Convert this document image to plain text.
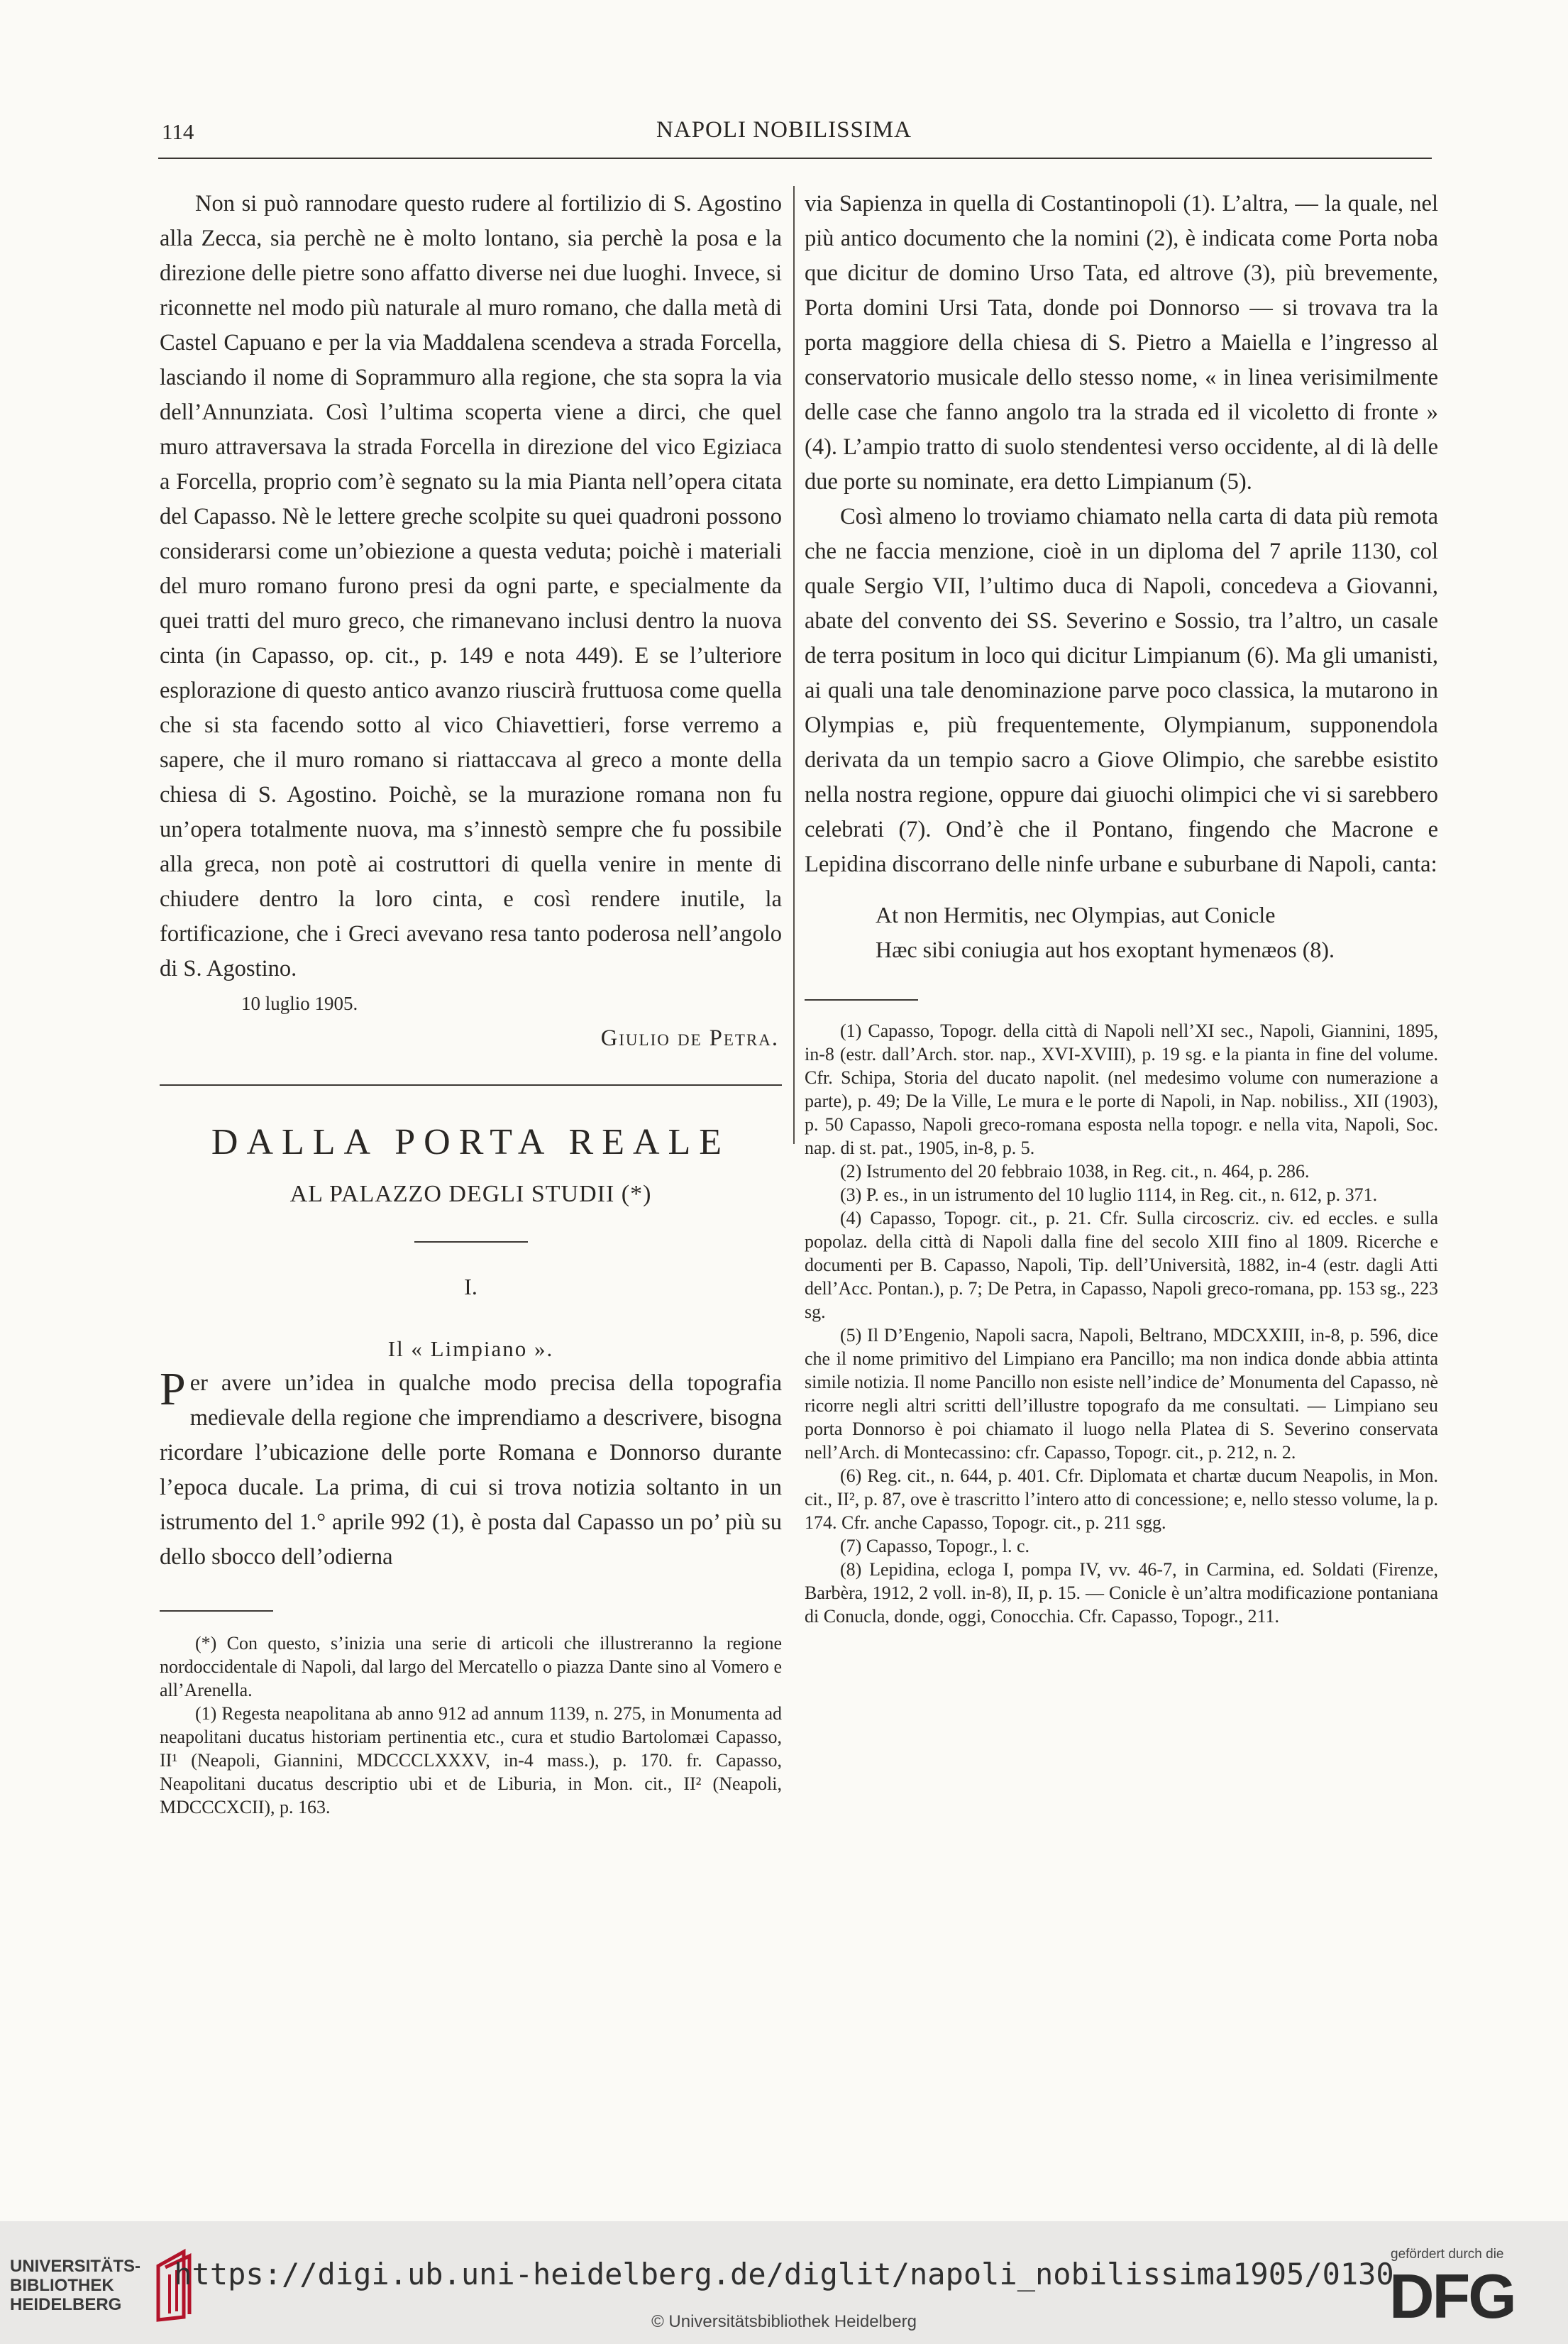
114	NAPOLI NOBILISSIMA

Non si può rannodare questo rudere al fortilizio di S. Agostino alla Zecca, sia perchè ne è molto lontano, sia perchè la posa e la direzione delle pietre sono affatto diverse nei due luoghi. Invece, si riconnette nel modo più naturale al muro romano, che dalla metà di Castel Capuano e per la via Maddalena scendeva a strada Forcella, lasciando il nome di Soprammuro alla regione, che sta sopra la via dell’Annunziata. Così l’ultima scoperta viene a dirci, che quel muro attraversava la strada Forcella in direzione del vico Egiziaca a Forcella, proprio com’è segnato su la mia Pianta nell’opera citata del Capasso. Nè le lettere greche scolpite su quei quadroni possono considerarsi come un’obiezione a questa veduta; poichè i materiali del muro romano furono presi da ogni parte, e specialmente da quei tratti del muro greco, che rimanevano inclusi dentro la nuova cinta (in Capasso, op. cit., p. 149 e nota 449). E se l’ulteriore esplorazione di questo antico avanzo riuscirà fruttuosa come quella che si sta facendo sotto al vico Chiavettieri, forse verremo a sapere, che il muro romano si riattaccava al greco a monte della chiesa di S. Agostino. Poichè, se la murazione romana non fu un’opera totalmente nuova, ma s’innestò sempre che fu possibile alla greca, non potè ai costruttori di quella venire in mente di chiudere dentro la loro cinta, e così rendere inutile, la fortificazione, che i Greci avevano resa tanto poderosa nell’angolo di S. Agostino.

10 luglio 1905.

Giulio de Petra.

DALLA PORTA REALE
AL PALAZZO DEGLI STUDII (*)
I.
Il « Limpiano ».

Per avere un’idea in qualche modo precisa della topografia medievale della regione che imprendiamo a descrivere, bisogna ricordare l’ubicazione delle porte Romana e Donnorso durante l’epoca ducale. La prima, di cui si trova notizia soltanto in un istrumento del 1.° aprile 992 (1), è posta dal Capasso un po’ più su dello sbocco dell’odierna

(*) Con questo, s’inizia una serie di articoli che illustreranno la regione nordoccidentale di Napoli, dal largo del Mercatello o piazza Dante sino al Vomero e all’Arenella.

(1) Regesta neapolitana ab anno 912 ad annum 1139, n. 275, in Monumenta ad neapolitani ducatus historiam pertinentia etc., cura et studio Bartolomæi Capasso, II¹ (Neapoli, Giannini, MDCCCLXXXV, in-4 mass.), p. 170. fr. Capasso, Neapolitani ducatus descriptio ubi et de Liburia, in Mon. cit., II² (Neapoli, MDCCCXCII), p. 163.

via Sapienza in quella di Costantinopoli (1). L’altra, — la quale, nel più antico documento che la nomini (2), è indicata come Porta noba que dicitur de domino Urso Tata, ed altrove (3), più brevemente, Porta domini Ursi Tata, donde poi Donnorso — si trovava tra la porta maggiore della chiesa di S. Pietro a Maiella e l’ingresso al conservatorio musicale dello stesso nome, « in linea verisimilmente delle case che fanno angolo tra la strada ed il vicoletto di fronte » (4). L’ampio tratto di suolo stendentesi verso occidente, al di là delle due porte su nominate, era detto Limpianum (5).

Così almeno lo troviamo chiamato nella carta di data più remota che ne faccia menzione, cioè in un diploma del 7 aprile 1130, col quale Sergio VII, l’ultimo duca di Napoli, concedeva a Giovanni, abate del convento dei SS. Severino e Sossio, tra l’altro, un casale de terra positum in loco qui dicitur Limpianum (6). Ma gli umanisti, ai quali una tale denominazione parve poco classica, la mutarono in Olympias e, più frequentemente, Olympianum, supponendola derivata da un tempio sacro a Giove Olimpio, che sarebbe esistito nella nostra regione, oppure dai giuochi olimpici che vi si sarebbero celebrati (7). Ond’è che il Pontano, fingendo che Macrone e Lepidina discorrano delle ninfe urbane e suburbane di Napoli, canta:

At non Hermitis, nec Olympias, aut Conicle

Hæc sibi coniugia aut hos exoptant hymenæos (8).

(1) Capasso, Topogr. della città di Napoli nell’XI sec., Napoli, Giannini, 1895, in-8 (estr. dall’Arch. stor. nap., XVI-XVIII), p. 19 sg. e la pianta in fine del volume. Cfr. Schipa, Storia del ducato napolit. (nel medesimo volume con numerazione a parte), p. 49; De la Ville, Le mura e le porte di Napoli, in Nap. nobiliss., XII (1903), p. 50 Capasso, Napoli greco-romana esposta nella topogr. e nella vita, Napoli, Soc. nap. di st. pat., 1905, in-8, p. 5.

(2) Istrumento del 20 febbraio 1038, in Reg. cit., n. 464, p. 286.

(3) P. es., in un istrumento del 10 luglio 1114, in Reg. cit., n. 612, p. 371.

(4) Capasso, Topogr. cit., p. 21. Cfr. Sulla circoscriz. civ. ed eccles. e sulla popolaz. della città di Napoli dalla fine del secolo XIII fino al 1809. Ricerche e documenti per B. Capasso, Napoli, Tip. dell’Università, 1882, in-4 (estr. dagli Atti dell’Acc. Pontan.), p. 7; De Petra, in Capasso, Napoli greco-romana, pp. 153 sg., 223 sg.

(5) Il D’Engenio, Napoli sacra, Napoli, Beltrano, MDCXXIII, in-8, p. 596, dice che il nome primitivo del Limpiano era Pancillo; ma non indica donde abbia attinta simile notizia. Il nome Pancillo non esiste nell’indice de’ Monumenta del Capasso, nè ricorre negli altri scritti dell’illustre topografo da me consultati. — Limpiano seu porta Donnorso è poi chiamato il luogo nella Platea di S. Severino conservata nell’Arch. di Montecassino: cfr. Capasso, Topogr. cit., p. 212, n. 2.

(6) Reg. cit., n. 644, p. 401. Cfr. Diplomata et chartæ ducum Neapolis, in Mon. cit., II², p. 87, ove è trascritto l’intero atto di concessione; e, nello stesso volume, la p. 174. Cfr. anche Capasso, Topogr. cit., p. 211 sgg.

(7) Capasso, Topogr., l. c.

(8) Lepidina, ecloga I, pompa IV, vv. 46-7, in Carmina, ed. Soldati (Firenze, Barbèra, 1912, 2 voll. in-8), II, p. 15. — Conicle è un’altra modificazione pontaniana di Conucla, donde, oggi, Conocchia. Cfr. Capasso, Topogr., 211.

UNIVERSITÄTS-
BIBLIOTHEK
HEIDELBERG
https://digi.ub.uni-heidelberg.de/diglit/napoli_nobilissima1905/0130
© Universitätsbibliothek Heidelberg
gefördert durch die
DFG
